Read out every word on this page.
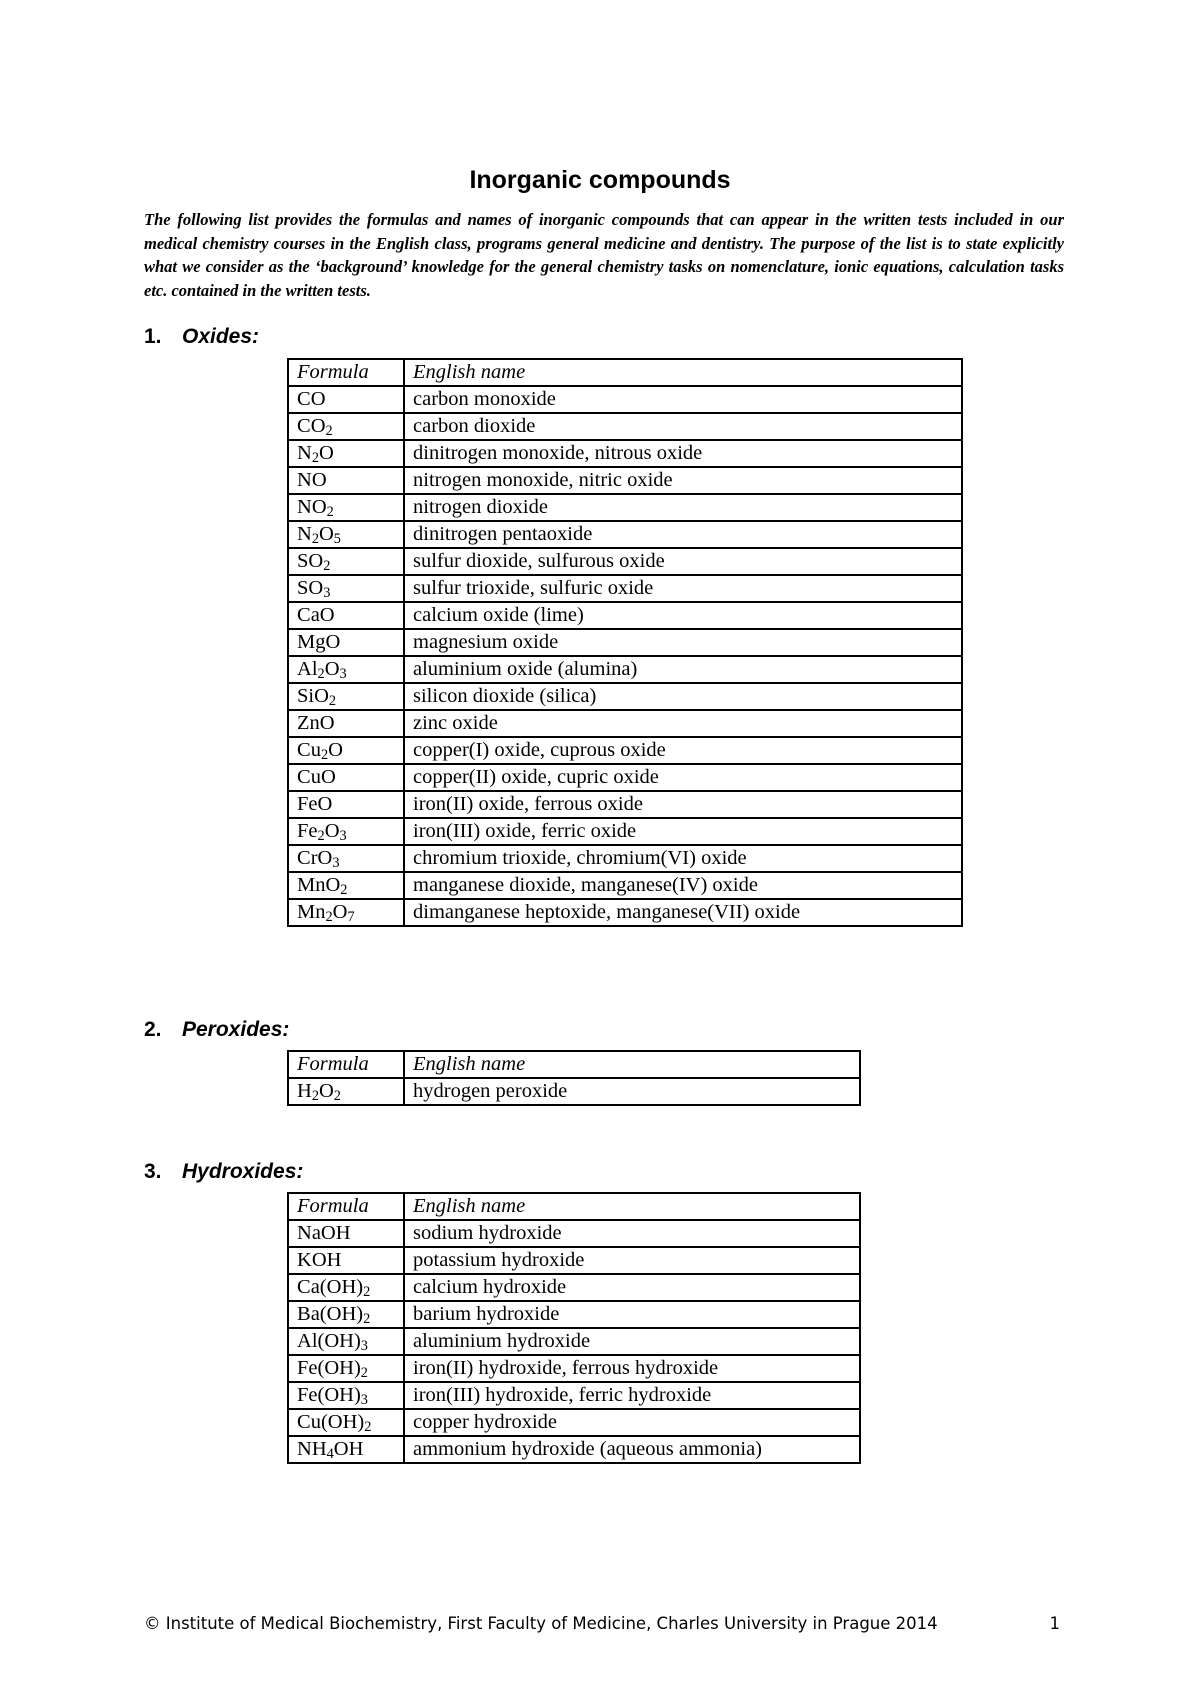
Inorganic compounds

The following list provides the formulas and names of inorganic compounds that can appear in the written tests included in our medical chemistry courses in the English class, programs general medicine and dentistry. The purpose of the list is to state explicitly what we consider as the ‘background’ knowledge for the general chemistry tasks on nomenclature, ionic equations, calculation tasks etc. contained in the written tests.

1. Oxides:
Formula	English name
CO	carbon monoxide
$CO_2$	carbon dioxide
$N_2O$	dinitrogen monoxide, nitrous oxide
NO	nitrogen monoxide, nitric oxide
$NO_2$	nitrogen dioxide
$N_2O_5$	dinitrogen pentaoxide
$SO_2$	sulfur dioxide, sulfurous oxide
$SO_3$	sulfur trioxide, sulfuric oxide
CaO	calcium oxide (lime)
MgO	magnesium oxide
$Al_2O_3$	aluminium oxide (alumina)
SiO$_2$	silicon dioxide (silica)
ZnO	zinc oxide
$Cu_2O$	copper(I) oxide, cuprous oxide
CuO	copper(II) oxide, cupric oxide
FeO	iron(II) oxide, ferrous oxide
$Fe_2O_3$	iron(III) oxide, ferric oxide
CrO$_3$	chromium trioxide, chromium(VI) oxide
MnO$_2$	manganese dioxide, manganese(IV) oxide
$Mn_2O_7$	dimanganese heptoxide, manganese(VII) oxide
2. Peroxides:
Formula	English name
$H_2O_2$	hydrogen peroxide
3. Hydroxides:
Formula	English name
NaOH	sodium hydroxide
KOH	potassium hydroxide
$Ca(OH)_2$	calcium hydroxide
$Ba(OH)_2$	barium hydroxide
$Al(OH)_3$	aluminium hydroxide
$Fe(OH)_2$	iron(II) hydroxide, ferrous hydroxide
$Fe(OH)_3$	iron(III) hydroxide, ferric hydroxide
$Cu(OH)_2$	copper hydroxide
$NH_4OH$	ammonium hydroxide (aqueous ammonia)
© Institute of Medical Biochemistry, First Faculty of Medicine, Charles University in Prague 2014	1
